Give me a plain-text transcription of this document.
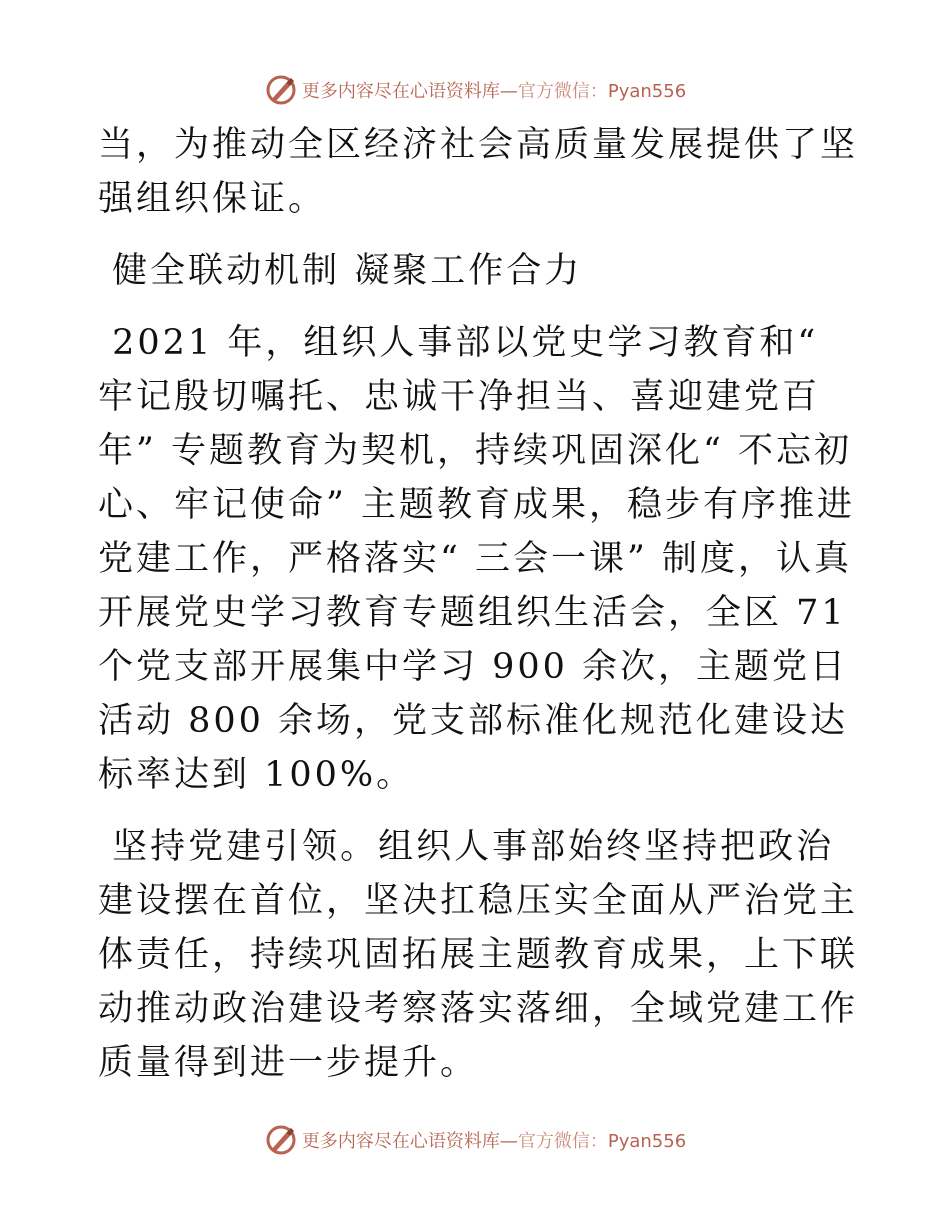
更多内容尽在心语资料库—官方微信：Pyan556

当，为推动全区经济社会高质量发展提供了坚强组织保证。

健全联动机制 凝聚工作合力

2021 年，组织人事部以党史学习教育和“ 牢记殷切嘱托、忠诚干净担当、喜迎建党百年” 专题教育为契机，持续巩固深化“ 不忘初心、牢记使命” 主题教育成果，稳步有序推进党建工作，严格落实“ 三会一课” 制度，认真开展党史学习教育专题组织生活会，全区 71 个党支部开展集中学习 900 余次，主题党日活动 800 余场，党支部标准化规范化建设达标率达到 100%。

坚持党建引领。组织人事部始终坚持把政治建设摆在首位，坚决扛稳压实全面从严治党主体责任，持续巩固拓展主题教育成果，上下联动推动政治建设考察落实落细，全域党建工作质量得到进一步提升。

更多内容尽在心语资料库—官方微信：Pyan556
